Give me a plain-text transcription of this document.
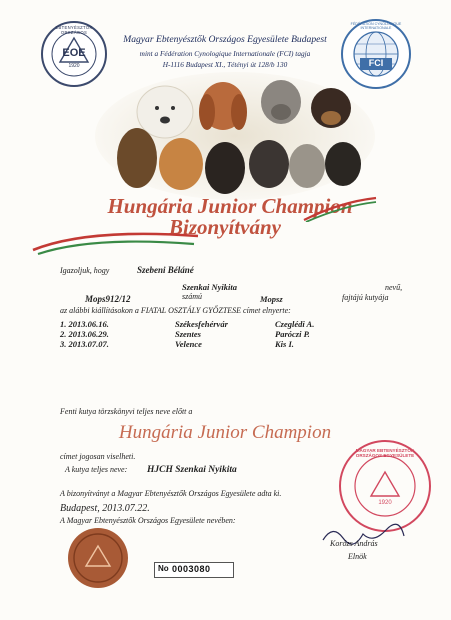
EOE
1920
EBTENYÉSZTŐK ORSZÁGOS
Magyar Ebtenyésztők Országos Egyesülete Budapest
mint a Fédération Cynologique Internationale (FCI) tagja
H-1116 Budapest XI., Tétényi út 128/b 130	FCI
FÉDÉRATION CYNOLOGIQUE INTERNATIONALE
Hungária Junior Champion
Bizonyítvány
Igazoljuk, hogy	Szebeni Béláné
Szenkai Nyikita	nevű,
Mops912/12	számú	Mopsz	fajtájú kutyája
az alábbi kiállításokon a FIATAL OSZTÁLY GYŐZTESE címet elnyerte:
1. 2013.06.16.	Székesfehérvár	Czeglédi A.
2. 2013.06.29.	Szentes	Paróczi P.
3. 2013.07.07.	Velence	Kis I.
Fenti kutya törzskönyvi teljes neve előtt a
Hungária Junior Champion
címet jogosan viselheti.
A kutya teljes neve: HJCH Szenkai Nyikita
A bizonyítványt a Magyar Ebtenyésztők Országos Egyesülete adta ki.
Budapest, 2013.07.22.
A Magyar Ebtenyésztők Országos Egyesülete nevében:
MAGYAR EBTENYÉSZTŐK ORSZÁGOS EGYESÜLETE
1920
Korózs András
Elnök
No 0003080
